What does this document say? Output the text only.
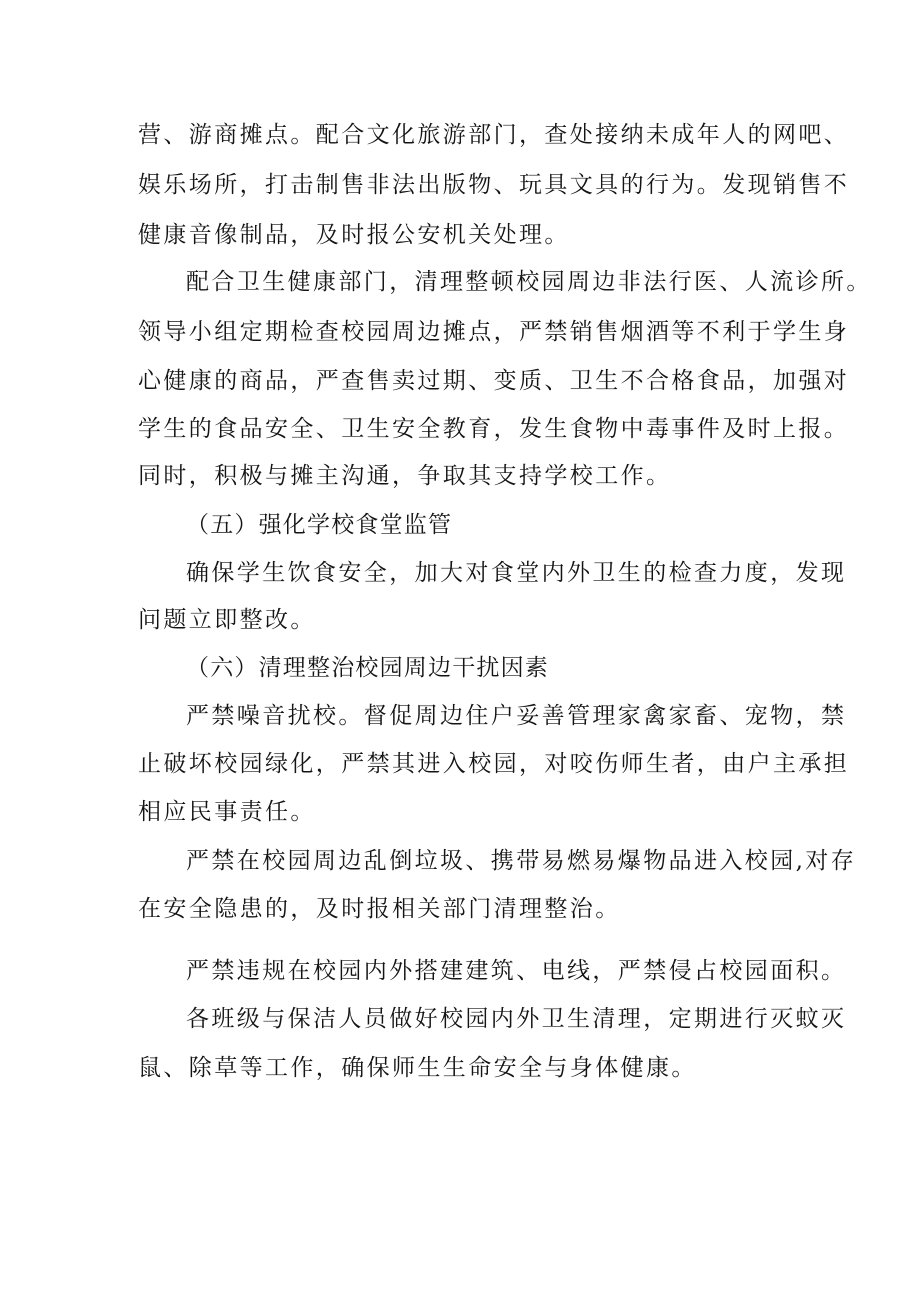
营、游商摊点。配合文化旅游部门，查处接纳未成年人的网吧、
娱乐场所，打击制售非法出版物、玩具文具的行为。发现销售不
健康音像制品，及时报公安机关处理。
配合卫生健康部门，清理整顿校园周边非法行医、人流诊所。
领导小组定期检查校园周边摊点，严禁销售烟酒等不利于学生身
心健康的商品，严查售卖过期、变质、卫生不合格食品，加强对
学生的食品安全、卫生安全教育，发生食物中毒事件及时上报。
同时，积极与摊主沟通，争取其支持学校工作。
（五）强化学校食堂监管
确保学生饮食安全，加大对食堂内外卫生的检查力度，发现
问题立即整改。
（六）清理整治校园周边干扰因素
严禁噪音扰校。督促周边住户妥善管理家禽家畜、宠物，禁
止破坏校园绿化，严禁其进入校园，对咬伤师生者，由户主承担
相应民事责任。
严禁在校园周边乱倒垃圾、携带易燃易爆物品进入校园,对存
在安全隐患的，及时报相关部门清理整治。
严禁违规在校园内外搭建建筑、电线，严禁侵占校园面积。
各班级与保洁人员做好校园内外卫生清理，定期进行灭蚊灭
鼠、除草等工作，确保师生生命安全与身体健康。
